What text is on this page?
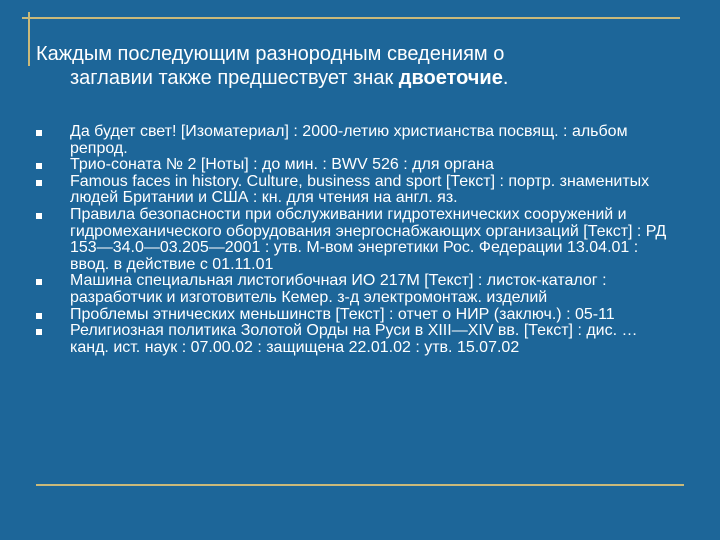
Каждым последующим разнородным сведениям о
заглавии также предшествует знак двоеточие.
Да будет свет! [Изоматериал] : 2000-летию христианства посвящ. : альбом репрод.
Трио-соната № 2 [Ноты] : до мин. : BWV 526 : для органа
Famous faces in history. Culture, business and sport [Текст] : портр. знаменитых людей Британии и США : кн. для чтения на англ. яз.
Правила безопасности при обслуживании гидротехнических сооружений и гидромеханического оборудования энергоснабжающих организаций [Текст] : РД 153—34.0—03.205—2001 : утв. М-вом энергетики Рос. Федерации 13.04.01 : ввод. в действие с 01.11.01
Машина специальная листогибочная ИО 217М [Текст] : листок-каталог : разработчик и изготовитель Кемер. з-д электромонтаж. изделий
Проблемы этнических меньшинств [Текст] : отчет о НИР (заключ.) : 05-11
Религиозная политика Золотой Орды на Руси в XIII—XIV вв. [Текст] : дис. … канд. ист. наук : 07.00.02 : защищена 22.01.02 : утв. 15.07.02
